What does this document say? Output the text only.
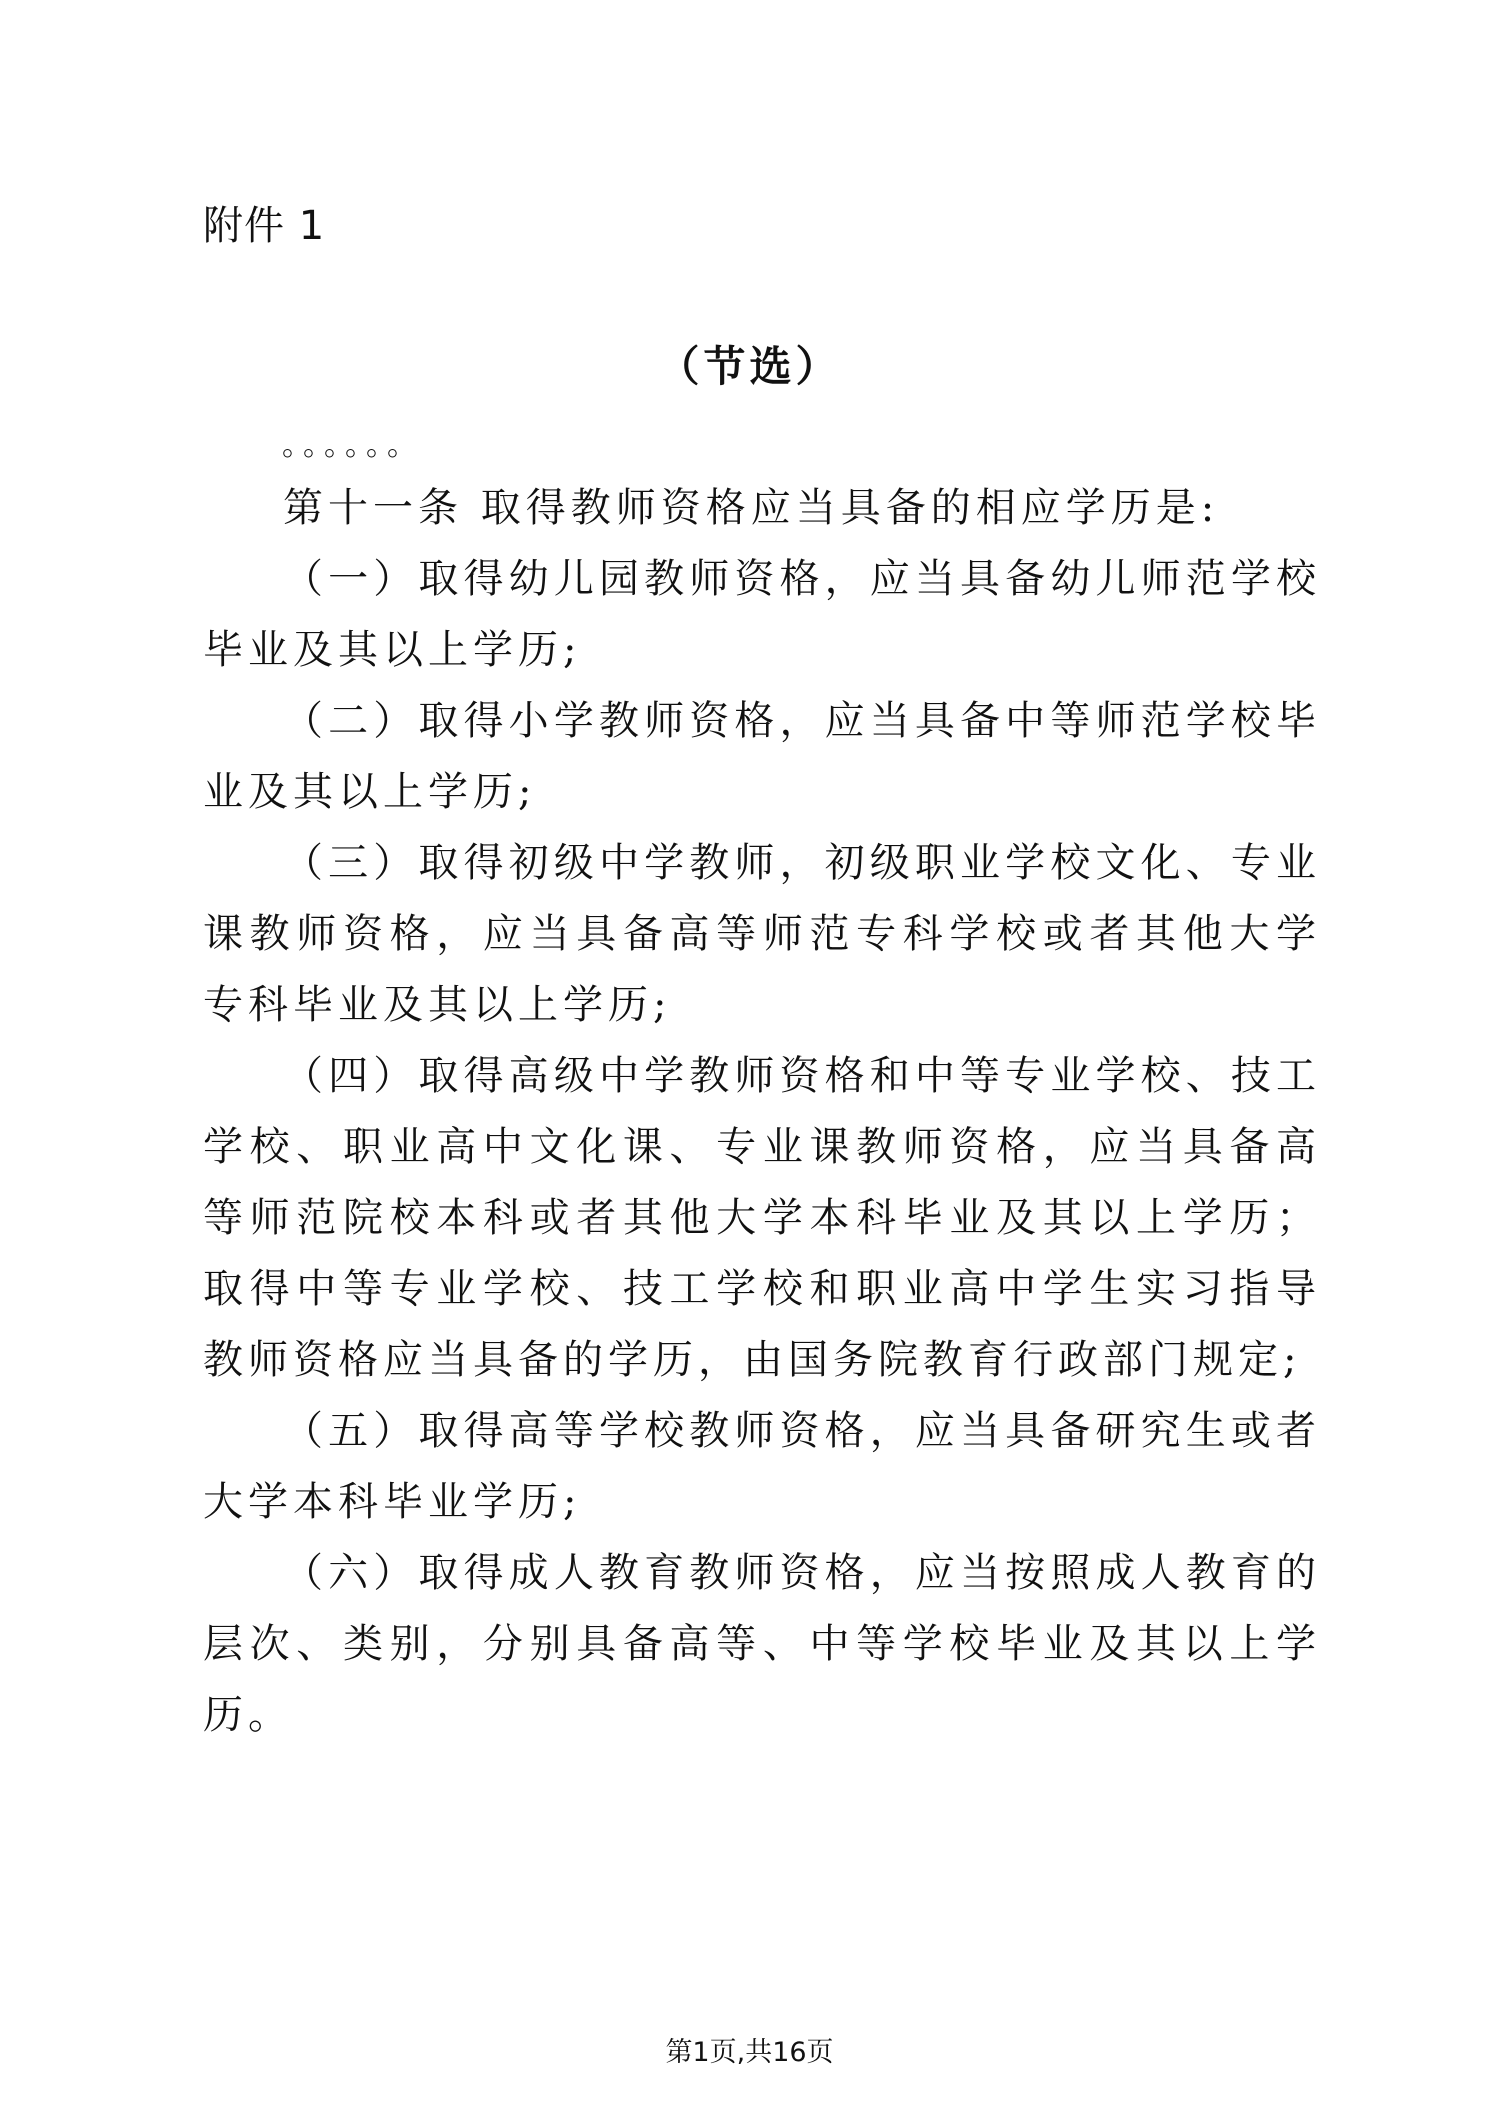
附件 1
（节选）
。。。。。。

第十一条 取得教师资格应当具备的相应学历是:

（一）取得幼儿园教师资格，应当具备幼儿师范学校毕业及其以上学历;

（二）取得小学教师资格，应当具备中等师范学校毕业及其以上学历;

（三）取得初级中学教师，初级职业学校文化、专业课教师资格，应当具备高等师范专科学校或者其他大学专科毕业及其以上学历;

（四）取得高级中学教师资格和中等专业学校、技工学校、职业高中文化课、专业课教师资格，应当具备高等师范院校本科或者其他大学本科毕业及其以上学历；取得中等专业学校、技工学校和职业高中学生实习指导教师资格应当具备的学历，由国务院教育行政部门规定;

（五）取得高等学校教师资格，应当具备研究生或者大学本科毕业学历;

（六）取得成人教育教师资格，应当按照成人教育的层次、类别，分别具备高等、中等学校毕业及其以上学历。

第1页,共16页
